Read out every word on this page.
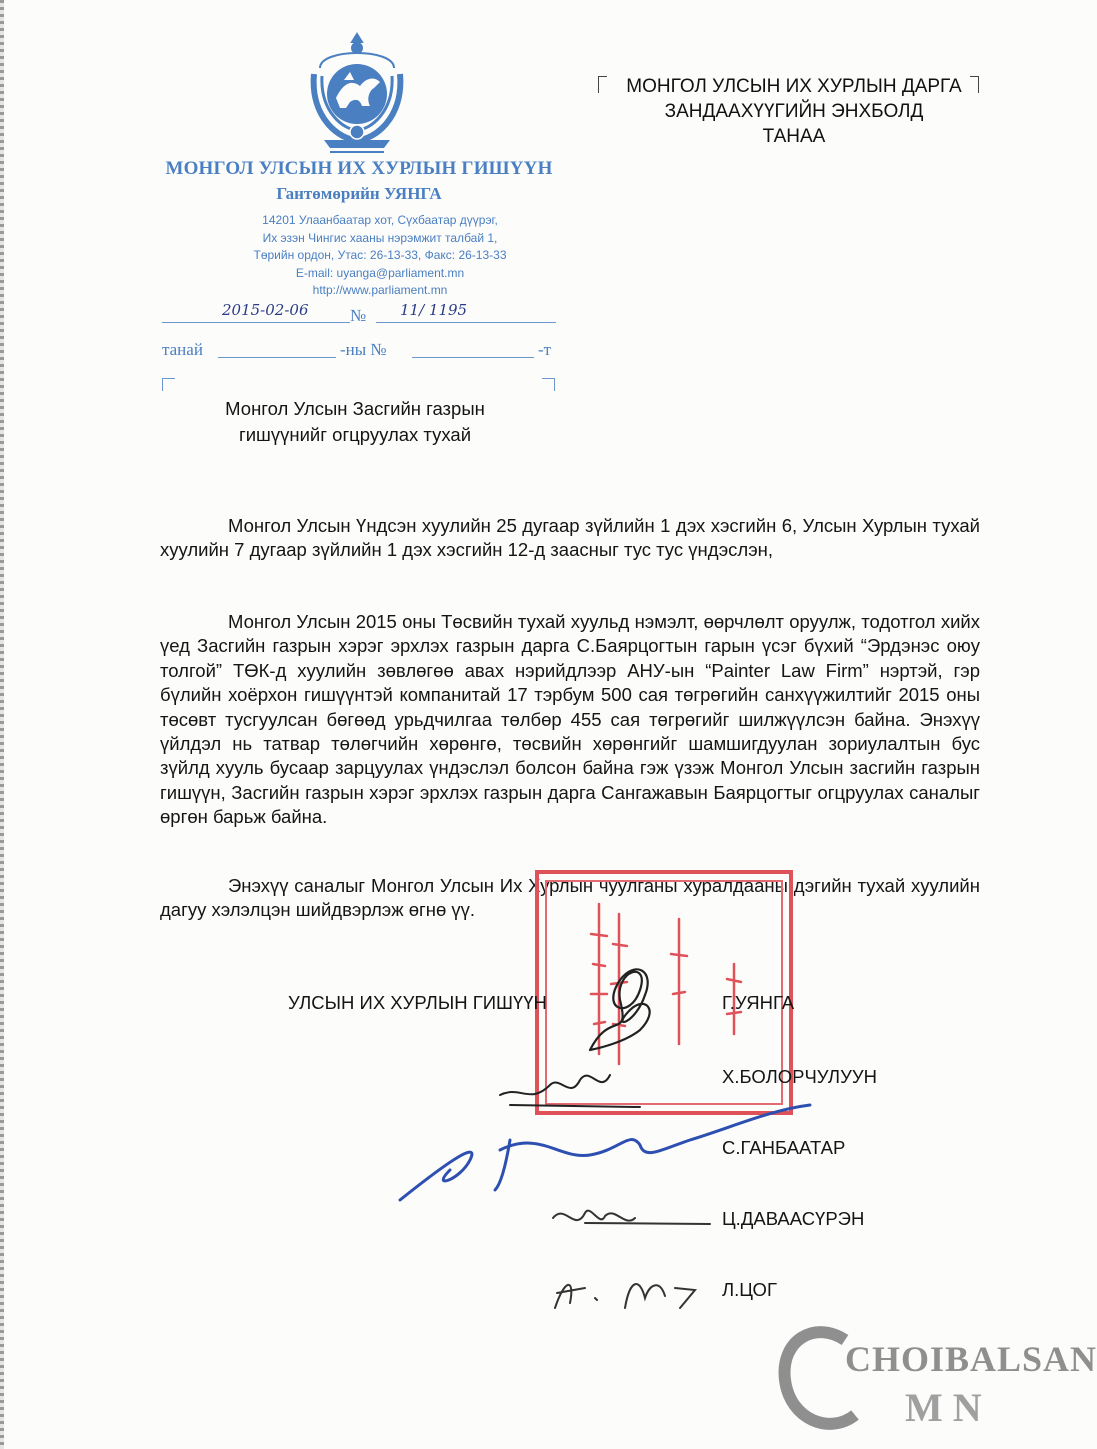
МОНГОЛ УЛСЫН ИХ ХУРЛЫН ГИШҮҮН
Гантөмөрийн УЯНГА
14201 Улаанбаатар хот, Сүхбаатар дүүрэг,
Их эзэн Чингис хааны нэрэмжит талбай 1,
Төрийн ордон, Утас: 26-13-33, Факс: 26-13-33
E-mail: uyanga@parliament.mn
http://www.parliament.mn
2015-02-06 № 11/ 1195
танай	-ны №	-т
МОНГОЛ УЛСЫН ИХ ХУРЛЫН ДАРГА
ЗАНДААХҮҮГИЙН ЭНХБОЛД
ТАНАА
Монгол Улсын Засгийн газрын
гишүүнийг огцруулах тухай
Монгол Улсын Үндсэн хуулийн 25 дугаар зүйлийн 1 дэх хэсгийн 6, Улсын Хурлын тухай хуулийн 7 дугаар зүйлийн 1 дэх хэсгийн 12-д заасныг тус тус үндэслэн,
Монгол Улсын 2015 оны Төсвийн тухай хуульд нэмэлт, өөрчлөлт оруулж, тодотгол хийх үед Засгийн газрын хэрэг эрхлэх газрын дарга С.Баярцогтын гарын үсэг бүхий “Эрдэнэс оюу толгой” ТӨК-д хуулийн зөвлөгөө авах нэрийдлээр АНУ-ын “Painter Law Firm” нэртэй, гэр бүлийн хоёрхон гишүүнтэй компанитай 17 тэрбум 500 сая төгрөгийн санхүүжилтийг 2015 оны төсөвт тусгуулсан бөгөөд урьдчилгаа төлбөр 455 сая төгрөгийг шилжүүлсэн байна. Энэхүү үйлдэл нь татвар төлөгчийн хөрөнгө, төсвийн хөрөнгийг шамшигдуулан зориулалтын бус зүйлд хууль бусаар зарцуулах үндэслэл болсон байна гэж үзэж Монгол Улсын засгийн газрын гишүүн, Засгийн газрын хэрэг эрхлэх газрын дарга Сангажавын Баярцогтыг огцруулах саналыг өргөн барьж байна.
Энэхүү саналыг Монгол Улсын Их Хурлын чуулганы хуралдааны дэгийн тухай хуулийн дагуу хэлэлцэн шийдвэрлэж өгнө үү.
УЛСЫН ИХ ХУРЛЫН ГИШҮҮН	Г.УЯНГА
Х.БОЛОРЧУЛУУН
С.ГАНБААТАР
Ц.ДАВААСҮРЭН
Л.ЦОГ
CHOIBALSAN
MN
